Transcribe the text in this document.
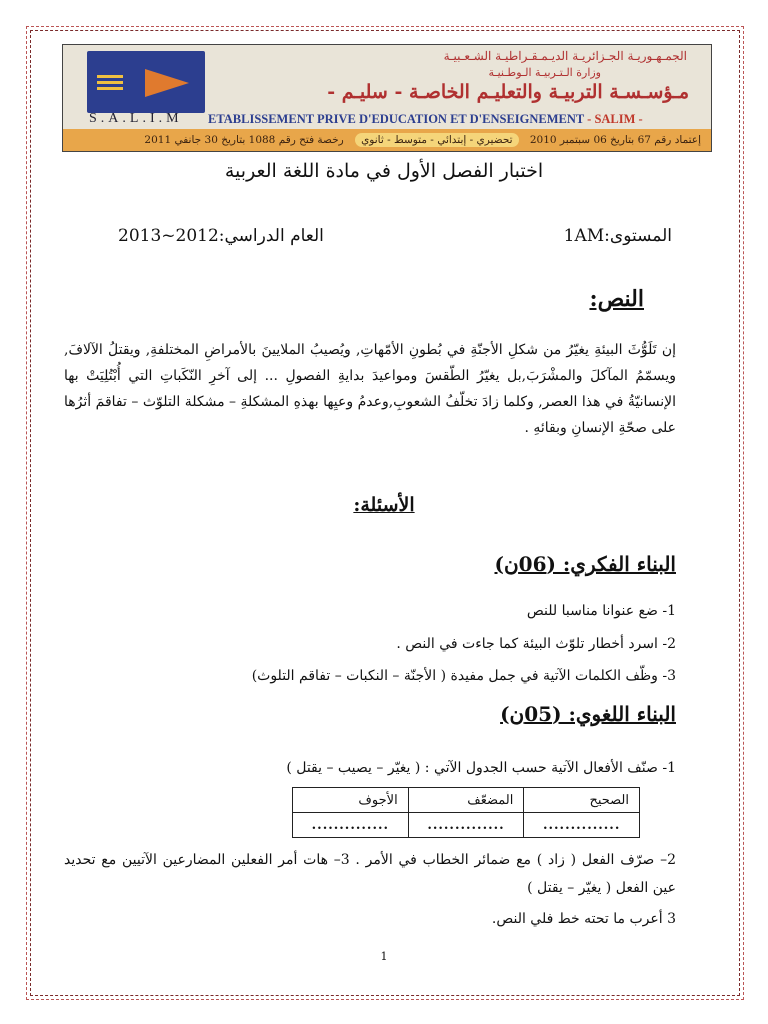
S.A.L.I.M
الجمـهـوريـة الجـزائريـة الديـمـقـراطيـة الشـعـبيـة
وزارة الـتـربيـة الـوطـنيـة
مـؤسـسـة التربيـة والتعليـم الخاصـة - سليـم -
ETABLISSEMENT PRIVE D'EDUCATION ET D'ENSEIGNEMENT - SALIM -
إعتماد رقم 67 بتاريخ 06 سبتمبر 2010 تحضيري - إبتدائي - متوسط - ثانوي رخصة فتح رقم 1088 بتاريخ 30 جانفي 2011
اختبار الفصل الأول في مادة اللغة العربية
العام الدراسي:2012~2013	المستوى:1AM
النص:
إن تَلَوُّثَ البيئةِ يغيّرُ من شكلِ الأجنّةِ في بُطونِ الأمّهاتِ, ويُصيبُ الملايينَ بالأمراضِ المختلفةِ, ويقتلُ الآلافَ, ويسمّمُ المآكلَ والمشْرَبَ,بل يغيّرُ الطّقسَ ومواعيدَ بدايةِ الفصولِ ... إلى آخرِ النّكَباتِ التي أُبْتُلِيَتْ بها الإنسانيّةُ في هذا العصر, وكلما زادَ تخلّفُ الشعوبِ,وعدمُ وعيِها بهذهِ المشكلةِ – مشكلة التلوّث – تفاقمَ أثرُها على صحّةِ الإنسانِ وبقائهِ .
الأسئلة:
البناء الفكري: (06ن)
1- ضع عنوانا مناسبا للنص
2- اسرد أخطار تلوّث البيئة كما جاءت في النص .
3- وظّف الكلمات الآتية في جمل مفيدة ( الأجنّة – النكبات – تفاقم التلوث)
البناء اللغوي: (05ن)
1- صنّف الأفعال الآتية حسب الجدول الآتي : ( يغيّر – يصيب – يقتل )
الصحيح	المضعّف	الأجوف
..............	..............	..............
2– صرّف الفعل ( زاد ) مع ضمائر الخطاب في الأمر . 3– هات أمر الفعلين المضارعين الآتيين مع تحديد عين الفعل ( يغيّر – يقتل )
3 أعرب ما تحته خط فلي النص.
1
​
